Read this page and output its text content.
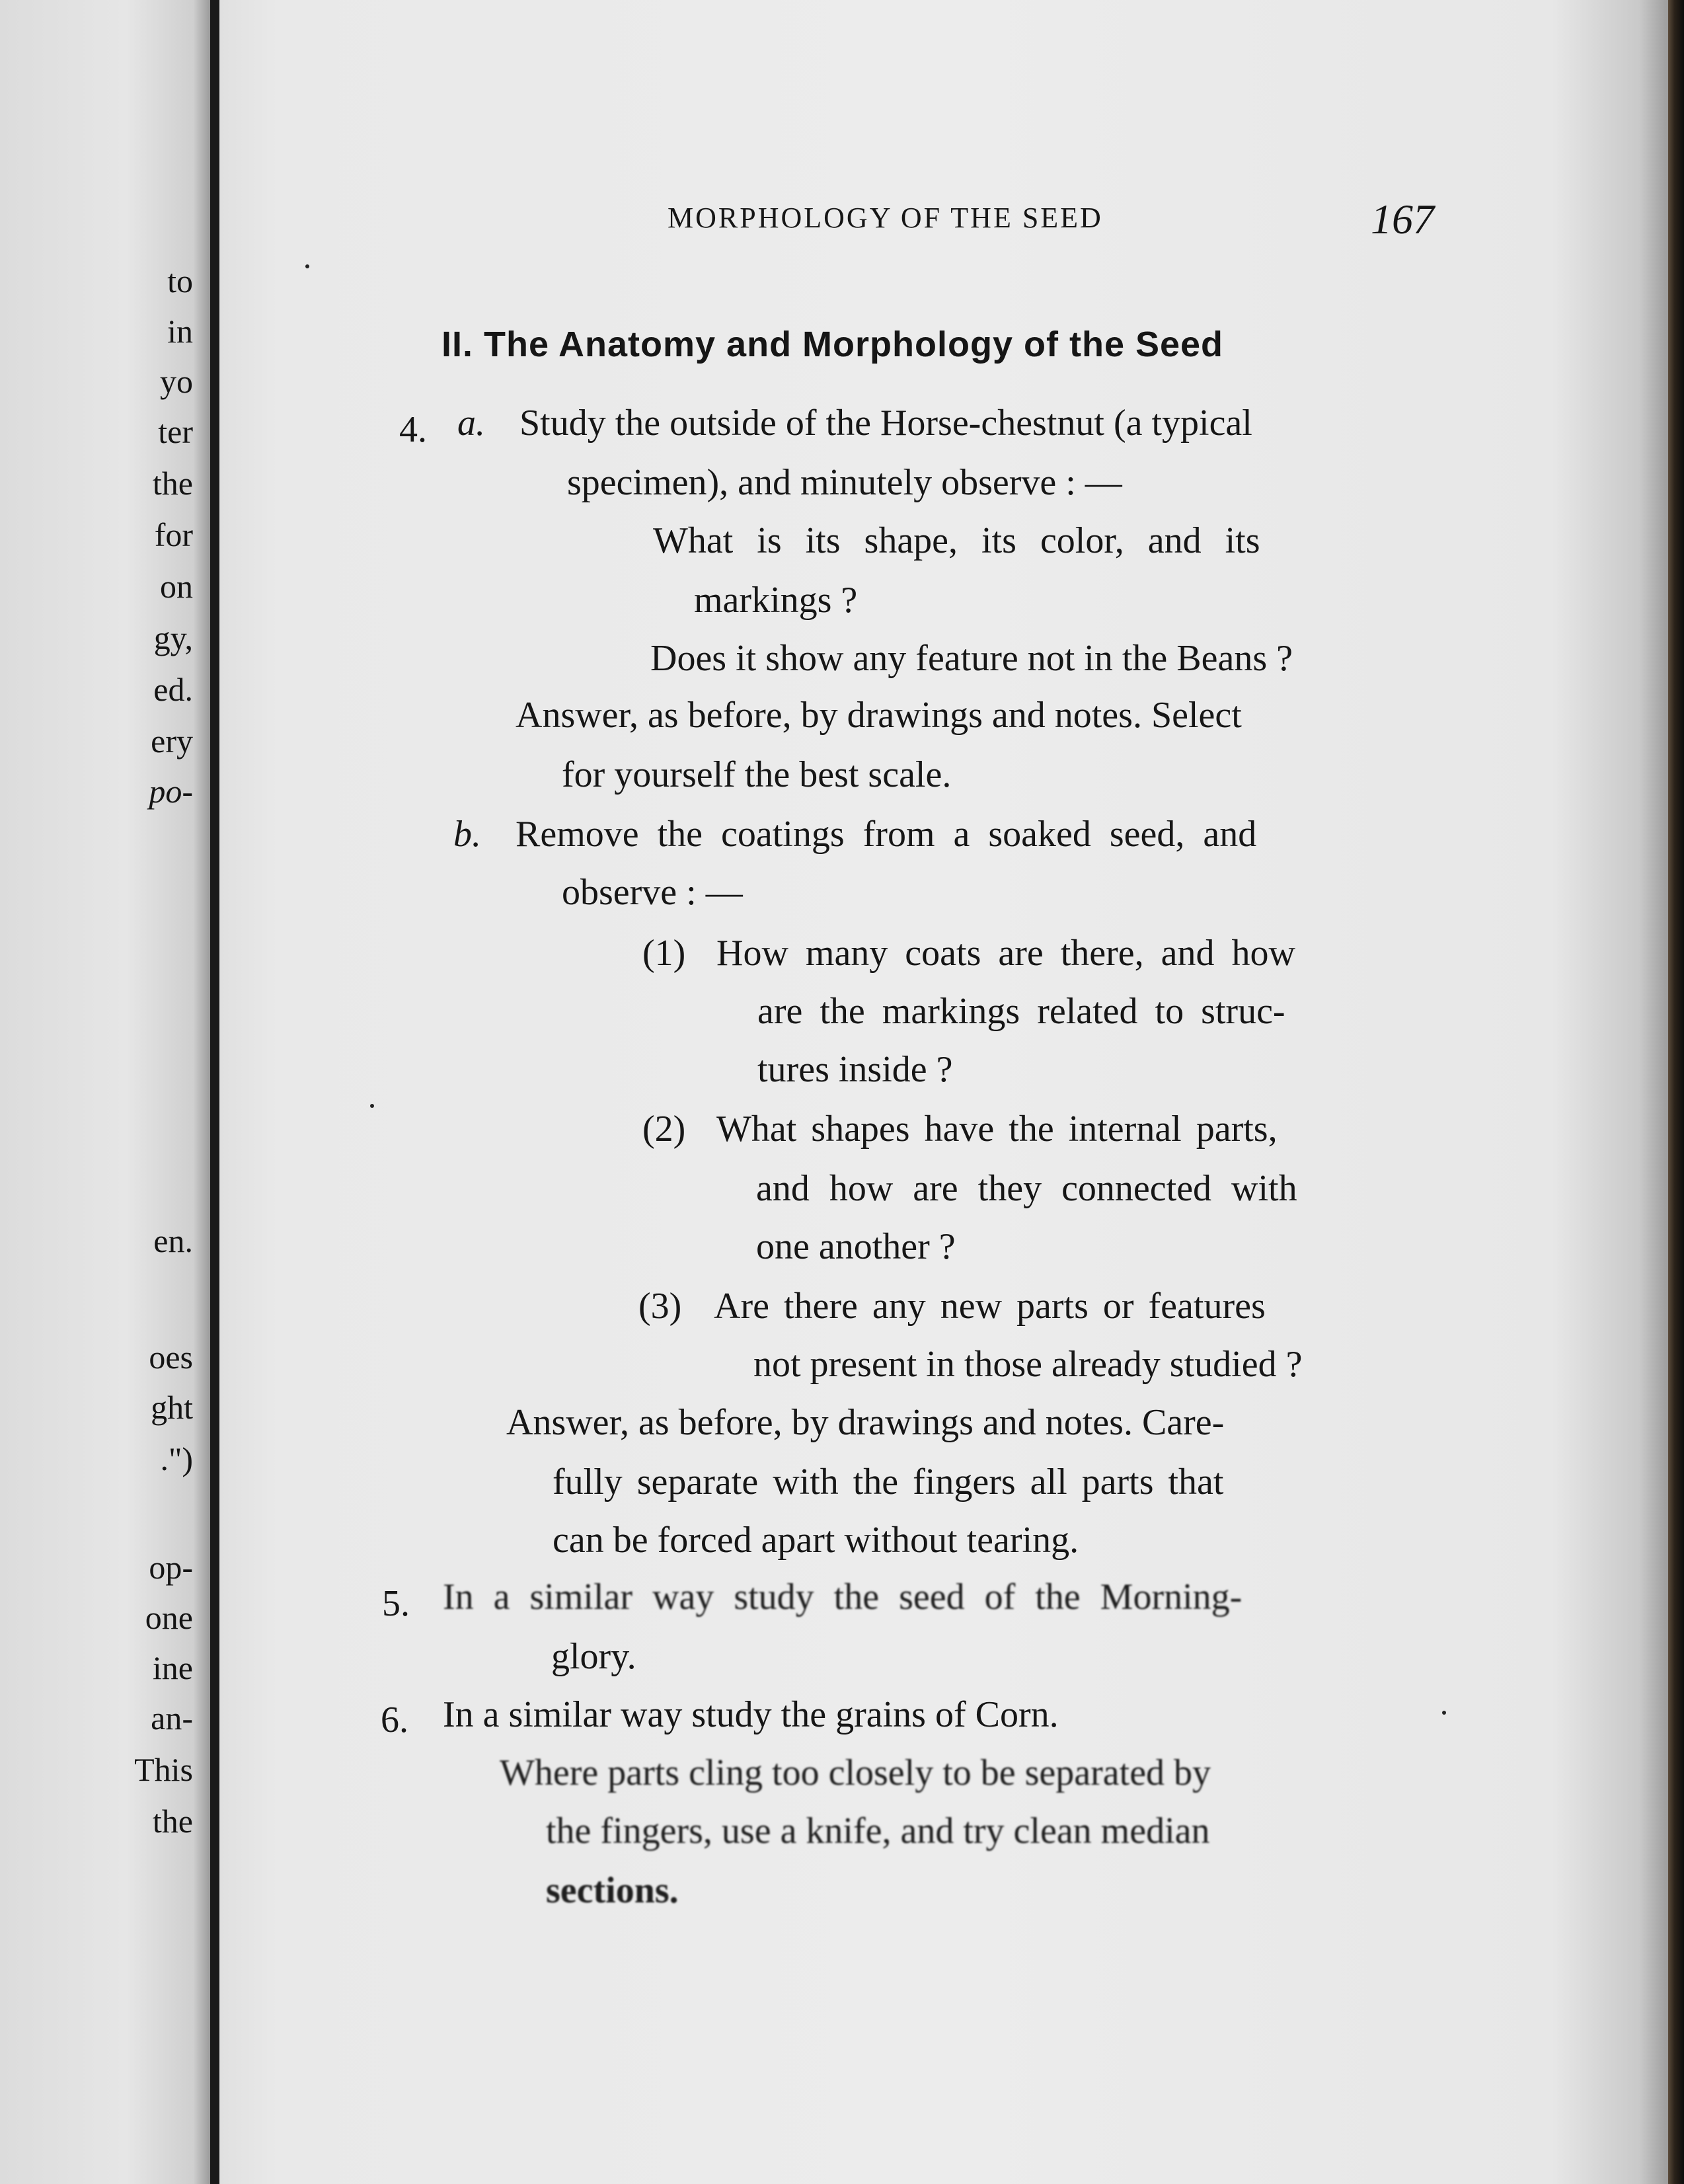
to
in
yo
ter
the
for
on
gy,
ed.
ery
po-
en.
oes
ght
.")
op-
one
ine
an-
This
the
MORPHOLOGY OF THE SEED	167
II. The Anatomy and Morphology of the Seed
4. a. Study the outside of the Horse-chestnut (a typical
specimen), and minutely observe : —
What is its shape, its color, and its
markings ?
Does it show any feature not in the Beans ?
Answer, as before, by drawings and notes. Select
for yourself the best scale.
b. Remove the coatings from a soaked seed, and
observe : —
(1) How many coats are there, and how
are the markings related to struc-
tures inside ?
(2) What shapes have the internal parts,
and how are they connected with
one another ?
(3) Are there any new parts or features
not present in those already studied ?
Answer, as before, by drawings and notes. Care-
fully separate with the fingers all parts that
can be forced apart without tearing.
5. In a similar way study the seed of the Morning-
glory.
6. In a similar way study the grains of Corn.
Where parts cling too closely to be separated by
the fingers, use a knife, and try clean median
sections.
